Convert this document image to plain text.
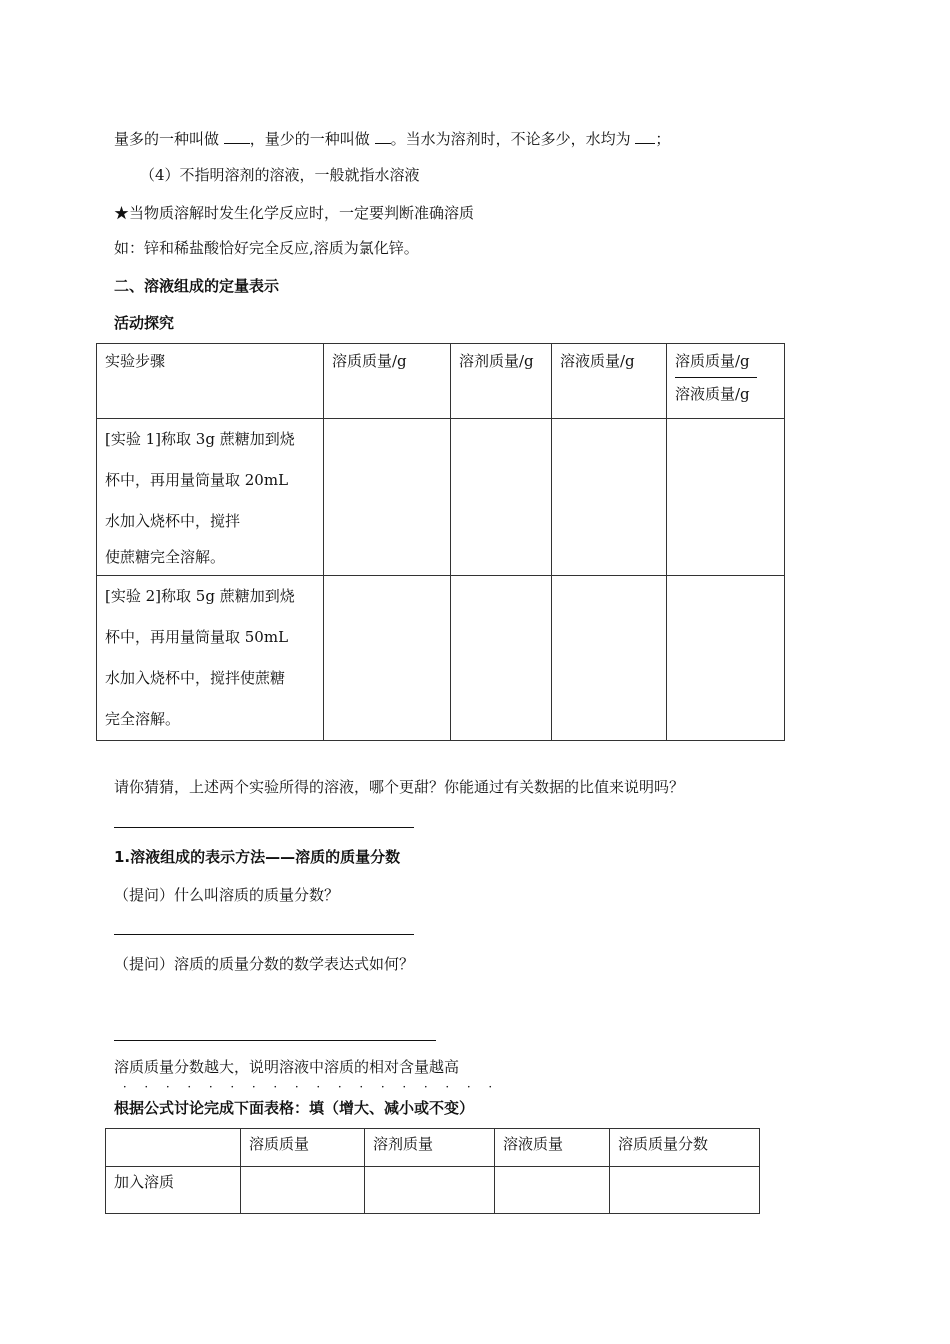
量多的一种叫做 ，量少的一种叫做 。当水为溶剂时，不论多少，水均为 ；
（4）不指明溶剂的溶液，一般就指水溶液
★当物质溶解时发生化学反应时，一定要判断准确溶质
如：锌和稀盐酸恰好完全反应,溶质为氯化锌。
二、溶液组成的定量表示
活动探究
实验步骤	溶质质量/g	溶剂质量/g	溶液质量/g	溶质质量/g
溶液质量/g

[实验 1]称取 3g 蔗糖加到烧
杯中，再用量筒量取 20mL
水加入烧杯中，搅拌
使蔗糖完全溶解。				

[实验 2]称取 5g 蔗糖加到烧
杯中，再用量筒量取 50mL
水加入烧杯中，搅拌使蔗糖
完全溶解。				

请你猜猜，上述两个实验所得的溶液，哪个更甜？你能通过有关数据的比值来说明吗？
1.溶液组成的表示方法——溶质的质量分数
（提问）什么叫溶质的质量分数？
（提问）溶质的质量分数的数学表达式如何？
溶质质量分数越大，说明溶液中溶质的相对含量越高
· · · · · · · · · · · · · · · · · ·
根据公式讨论完成下面表格：填（增大、减小或不变）
	溶质质量	溶剂质量	溶液质量	溶质质量分数
加入溶质				
